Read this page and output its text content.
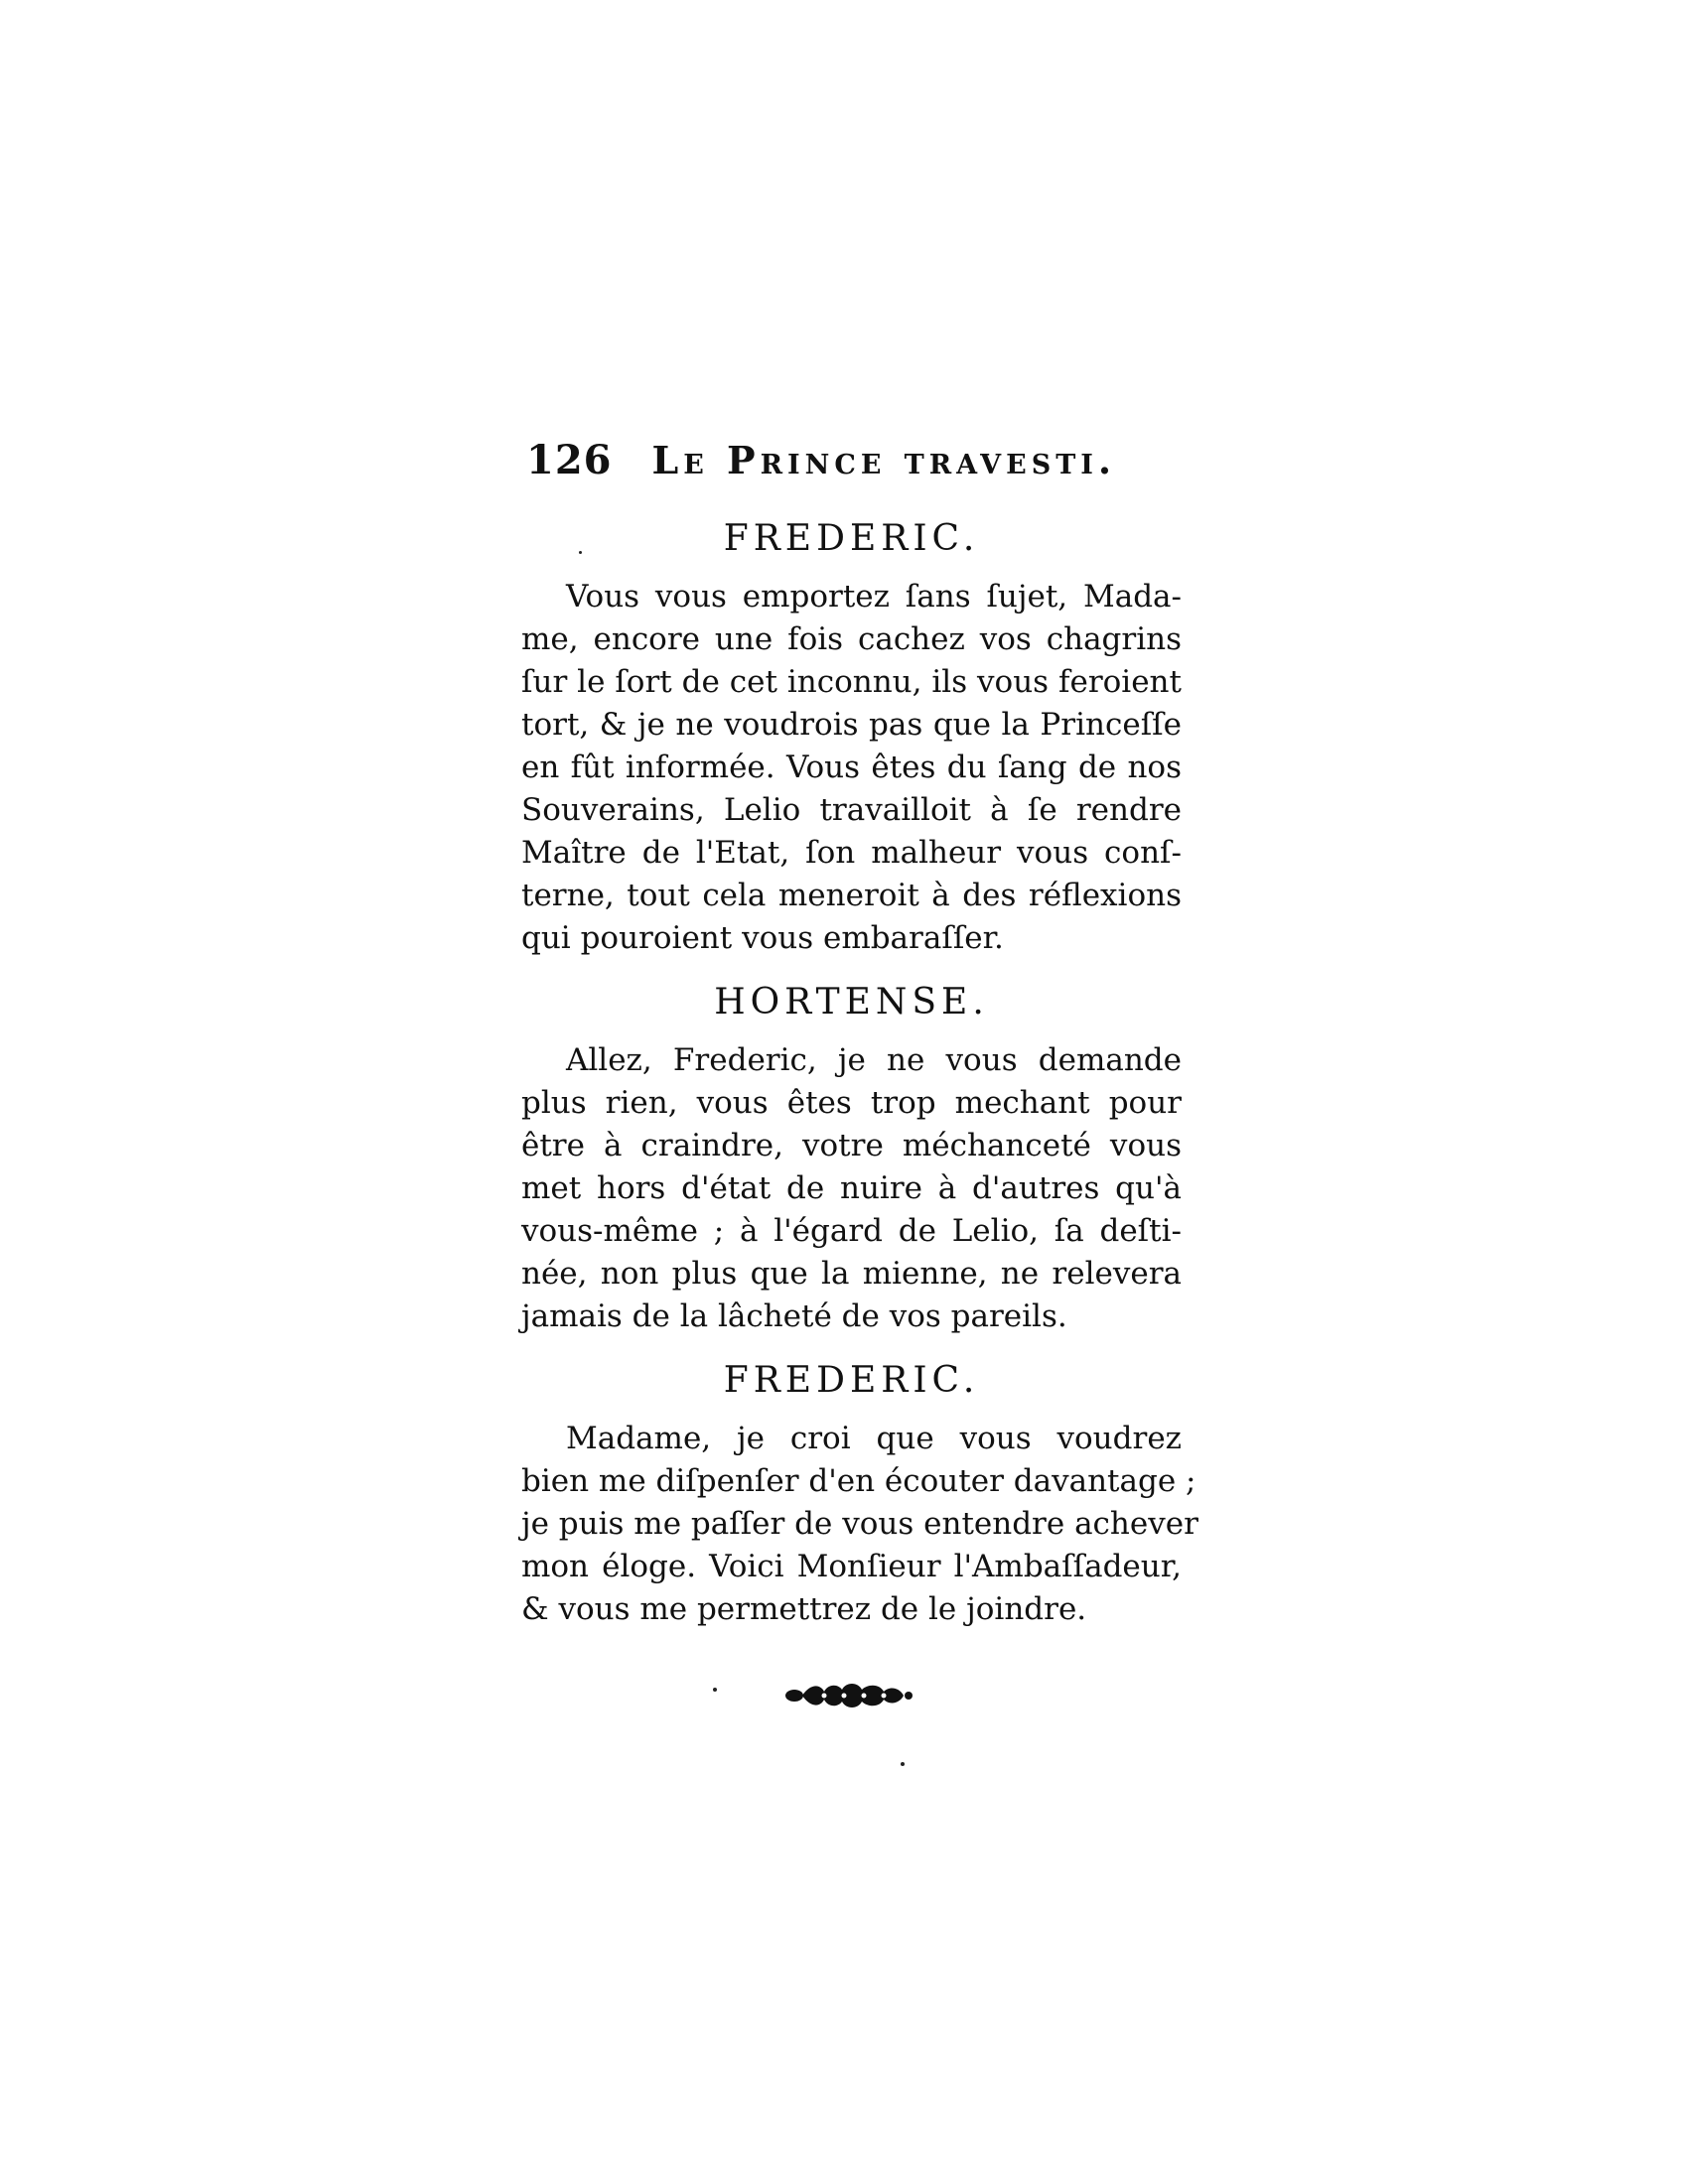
126 Le Prince travesti.
FREDERIC.

Vous vous emportez ſans ſujet, Mada-
me, encore une fois cachez vos chagrins
ſur le ſort de cet inconnu, ils vous feroient
tort, & je ne voudrois pas que la Princeſſe
en fût informée. Vous êtes du ſang de nos
Souverains, Lelio travailloit à ſe rendre
Maître de l'Etat, ſon malheur vous conſ-
terne, tout cela meneroit à des réflexions
qui pouroient vous embaraſſer.

HORTENSE.

Allez, Frederic, je ne vous demande
plus rien, vous êtes trop mechant pour
être à craindre, votre méchanceté vous
met hors d'état de nuire à d'autres qu'à
vous-même ; à l'égard de Lelio, ſa deſti-
née, non plus que la mienne, ne relevera
jamais de la lâcheté de vos pareils.

FREDERIC.

Madame, je croi que vous voudrez
bien me diſpenſer d'en écouter davantage ;
je puis me paſſer de vous entendre achever
mon éloge. Voici Monſieur l'Ambaſſadeur,
& vous me permettrez de le joindre.
